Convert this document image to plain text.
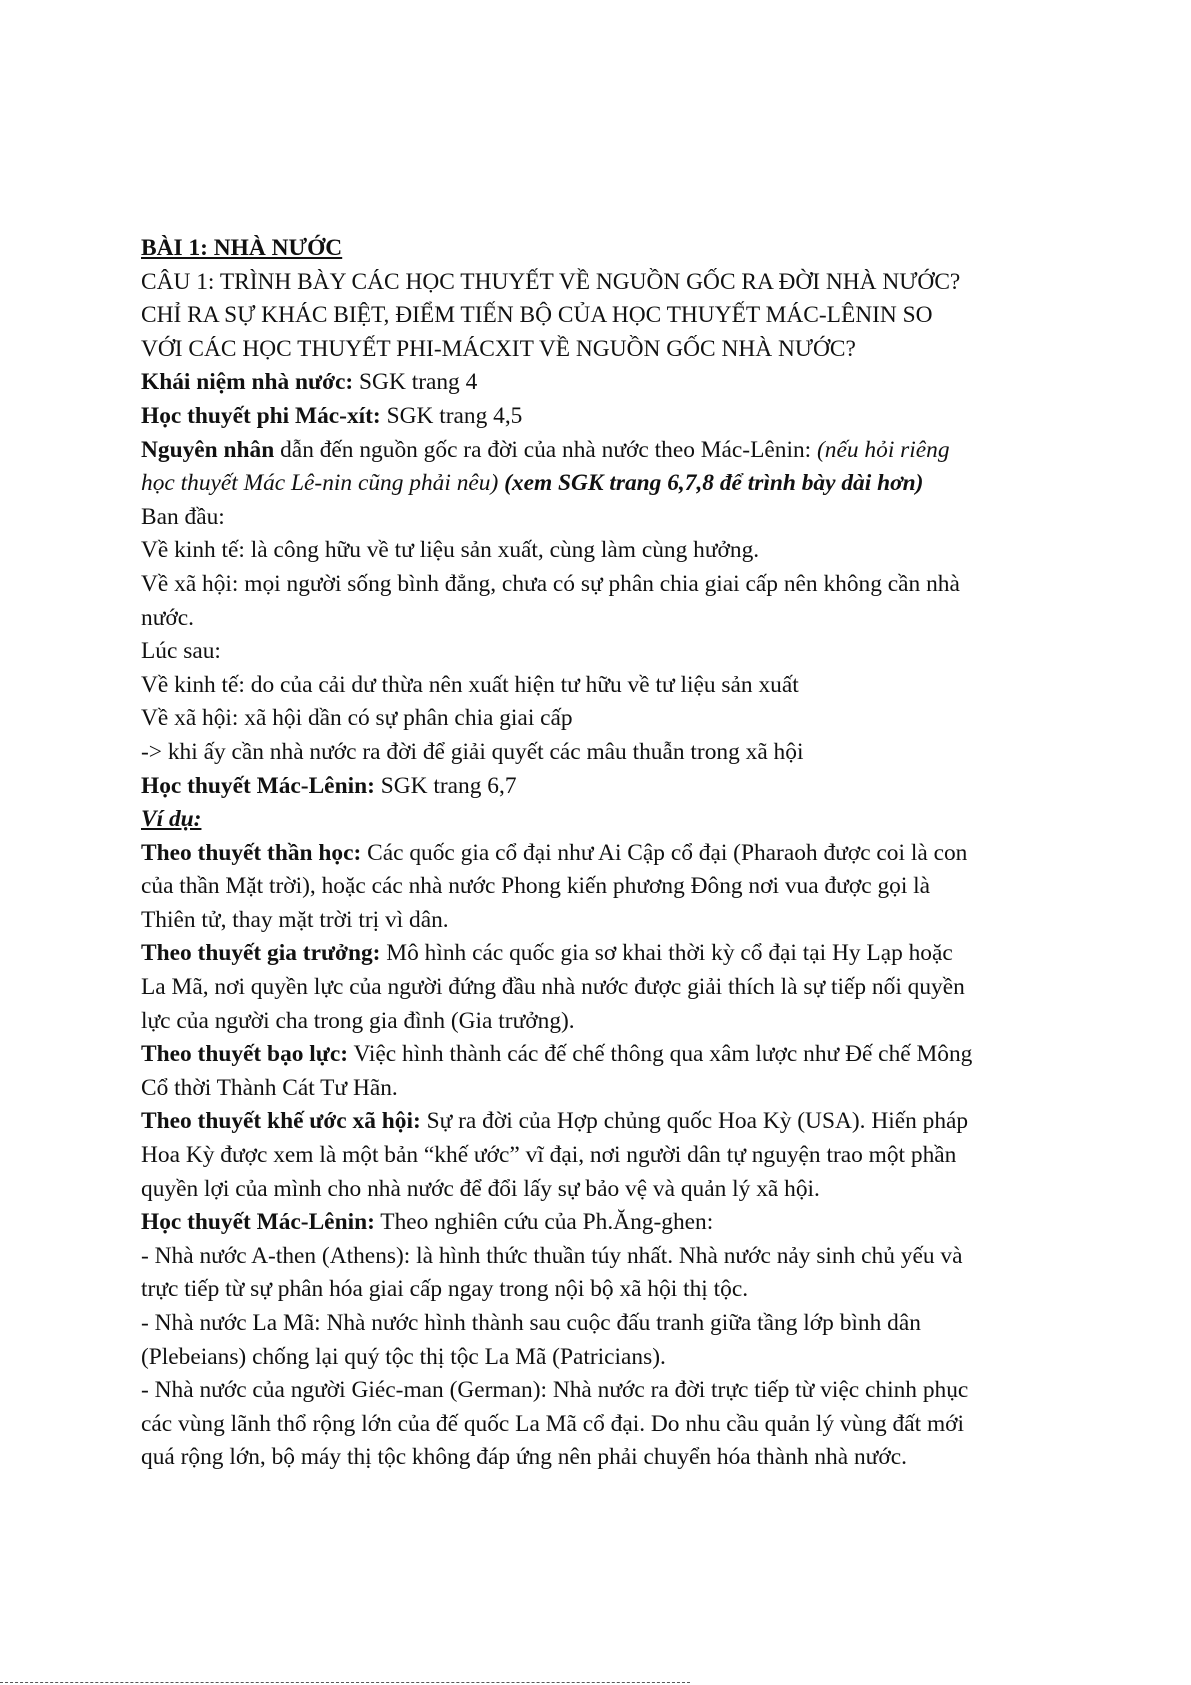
BÀI 1: NHÀ NƯỚC
CÂU 1: TRÌNH BÀY CÁC HỌC THUYẾT VỀ NGUỒN GỐC RA ĐỜI NHÀ NƯỚC?
CHỈ RA SỰ KHÁC BIỆT, ĐIỂM TIẾN BỘ CỦA HỌC THUYẾT MÁC-LÊNIN SO
VỚI CÁC HỌC THUYẾT PHI-MÁCXIT VỀ NGUỒN GỐC NHÀ NƯỚC?
Khái niệm nhà nước: SGK trang 4
Học thuyết phi Mác-xít: SGK trang 4,5
Nguyên nhân dẫn đến nguồn gốc ra đời của nhà nước theo Mác-Lênin: (nếu hỏi riêng
học thuyết Mác Lê-nin cũng phải nêu) (xem SGK trang 6,7,8 để trình bày dài hơn)
Ban đầu:
Về kinh tế: là công hữu về tư liệu sản xuất, cùng làm cùng hưởng.
Về xã hội: mọi người sống bình đẳng, chưa có sự phân chia giai cấp nên không cần nhà
nước.
Lúc sau:
Về kinh tế: do của cải dư thừa nên xuất hiện tư hữu về tư liệu sản xuất
Về xã hội: xã hội dần có sự phân chia giai cấp
-> khi ấy cần nhà nước ra đời để giải quyết các mâu thuẫn trong xã hội
Học thuyết Mác-Lênin: SGK trang 6,7
Ví dụ:
Theo thuyết thần học: Các quốc gia cổ đại như Ai Cập cổ đại (Pharaoh được coi là con
của thần Mặt trời), hoặc các nhà nước Phong kiến phương Đông nơi vua được gọi là
Thiên tử, thay mặt trời trị vì dân.
Theo thuyết gia trưởng: Mô hình các quốc gia sơ khai thời kỳ cổ đại tại Hy Lạp hoặc
La Mã, nơi quyền lực của người đứng đầu nhà nước được giải thích là sự tiếp nối quyền
lực của người cha trong gia đình (Gia trưởng).
Theo thuyết bạo lực: Việc hình thành các đế chế thông qua xâm lược như Đế chế Mông
Cổ thời Thành Cát Tư Hãn.
Theo thuyết khế ước xã hội: Sự ra đời của Hợp chủng quốc Hoa Kỳ (USA). Hiến pháp
Hoa Kỳ được xem là một bản “khế ước” vĩ đại, nơi người dân tự nguyện trao một phần
quyền lợi của mình cho nhà nước để đổi lấy sự bảo vệ và quản lý xã hội.
Học thuyết Mác-Lênin: Theo nghiên cứu của Ph.Ăng-ghen:
- Nhà nước A-then (Athens): là hình thức thuần túy nhất. Nhà nước nảy sinh chủ yếu và
trực tiếp từ sự phân hóa giai cấp ngay trong nội bộ xã hội thị tộc.
- Nhà nước La Mã: Nhà nước hình thành sau cuộc đấu tranh giữa tầng lớp bình dân
(Plebeians) chống lại quý tộc thị tộc La Mã (Patricians).
- Nhà nước của người Giéc-man (German): Nhà nước ra đời trực tiếp từ việc chinh phục
các vùng lãnh thổ rộng lớn của đế quốc La Mã cổ đại. Do nhu cầu quản lý vùng đất mới
quá rộng lớn, bộ máy thị tộc không đáp ứng nên phải chuyển hóa thành nhà nước.
